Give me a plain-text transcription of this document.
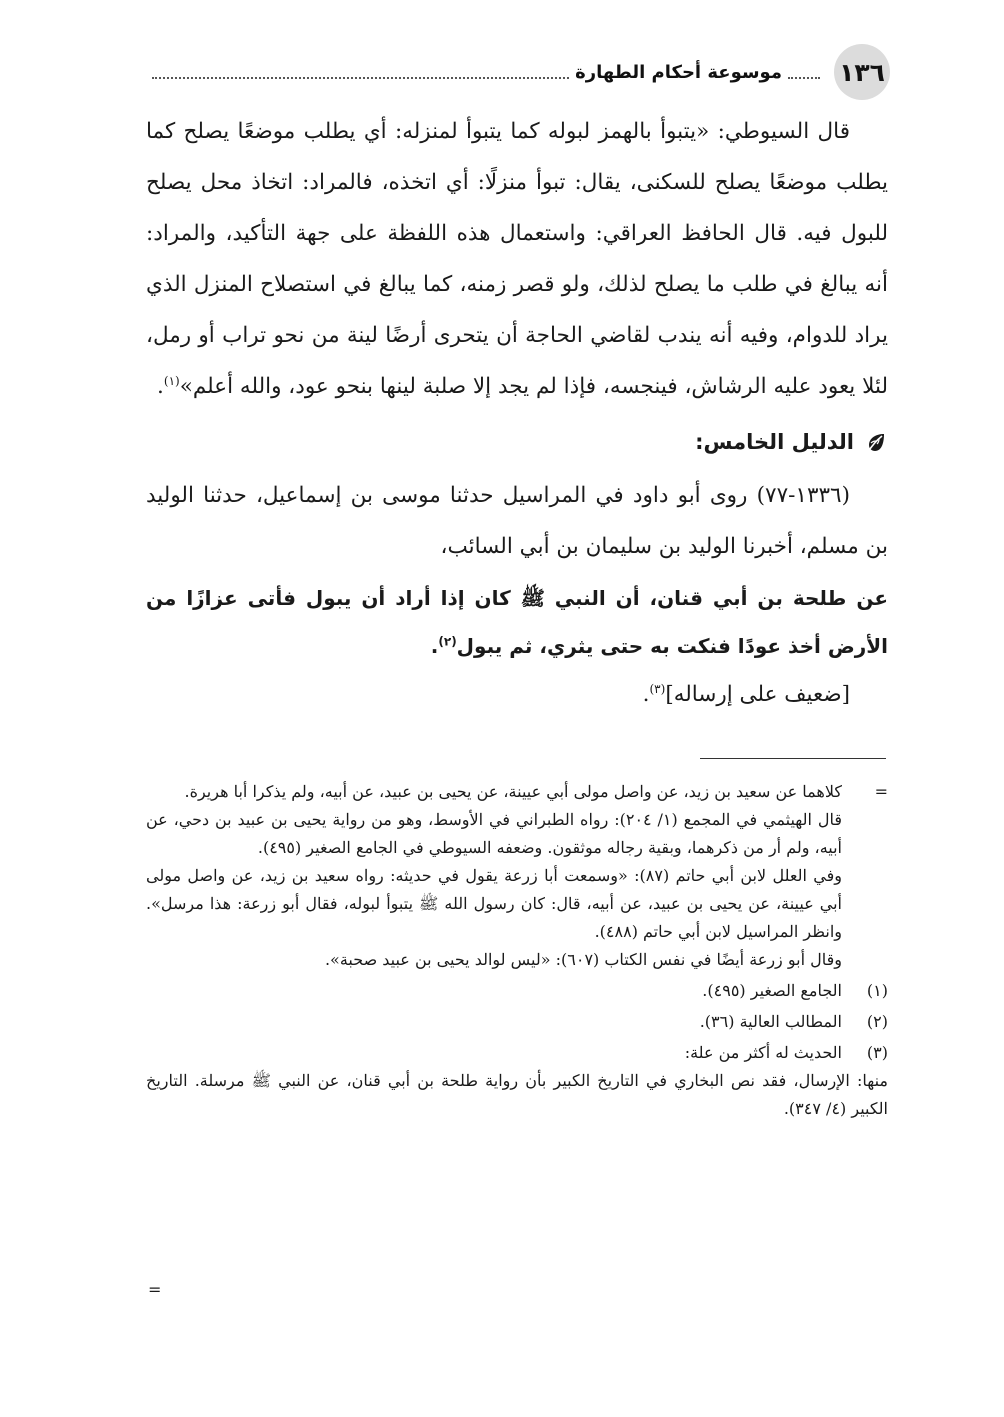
١٣٦
موسوعة أحكام الطهارة

قال السيوطي: «يتبوأ بالهمز لبوله كما يتبوأ لمنزله: أي يطلب موضعًا يصلح كما يطلب موضعًا يصلح للسكنى، يقال: تبوأ منزلًا: أي اتخذه، فالمراد: اتخاذ محل يصلح للبول فيه. قال الحافظ العراقي: واستعمال هذه اللفظة على جهة التأكيد، والمراد: أنه يبالغ في طلب ما يصلح لذلك، ولو قصر زمنه، كما يبالغ في استصلاح المنزل الذي يراد للدوام، وفيه أنه يندب لقاضي الحاجة أن يتحرى أرضًا لينة من نحو تراب أو رمل، لئلا يعود عليه الرشاش، فينجسه، فإذا لم يجد إلا صلبة لينها بنحو عود، والله أعلم»$^{(١)}$.

الدليل الخامس:

(١٣٣٦-٧٧) روى أبو داود في المراسيل حدثنا موسى بن إسماعيل، حدثنا الوليد بن مسلم، أخبرنا الوليد بن سليمان بن أبي السائب،

عن طلحة بن أبي قنان، أن النبي ﷺ كان إذا أراد أن يبول فأتى عزازًا من الأرض أخذ عودًا فنكت به حتى يثري، ثم يبول$^{(٢)}$.

[ضعيف على إرساله]$^{(٣)}$.

=

كلاهما عن سعيد بن زيد، عن واصل مولى أبي عيينة، عن يحيى بن عبيد، عن أبيه، ولم يذكرا أبا هريرة.

قال الهيثمي في المجمع (١/ ٢٠٤): رواه الطبراني في الأوسط، وهو من رواية يحيى بن عبيد بن دحي، عن أبيه، ولم أر من ذكرهما، وبقية رجاله موثقون. وضعفه السيوطي في الجامع الصغير (٤٩٥).

وفي العلل لابن أبي حاتم (٨٧): «وسمعت أبا زرعة يقول في حديثه: رواه سعيد بن زيد، عن واصل مولى أبي عيينة، عن يحيى بن عبيد، عن أبيه، قال: كان رسول الله ﷺ يتبوأ لبوله، فقال أبو زرعة: هذا مرسل». وانظر المراسيل لابن أبي حاتم (٤٨٨).

وقال أبو زرعة أيضًا في نفس الكتاب (٦٠٧): «ليس لوالد يحيى بن عبيد صحبة».

(١)
الجامع الصغير (٤٩٥).
(٢)
المطالب العالية (٣٦).
(٣)
الحديث له أكثر من علة:

منها: الإرسال، فقد نص البخاري في التاريخ الكبير بأن رواية طلحة بن أبي قنان، عن النبي ﷺ مرسلة. التاريخ الكبير (٤/ ٣٤٧).

=
